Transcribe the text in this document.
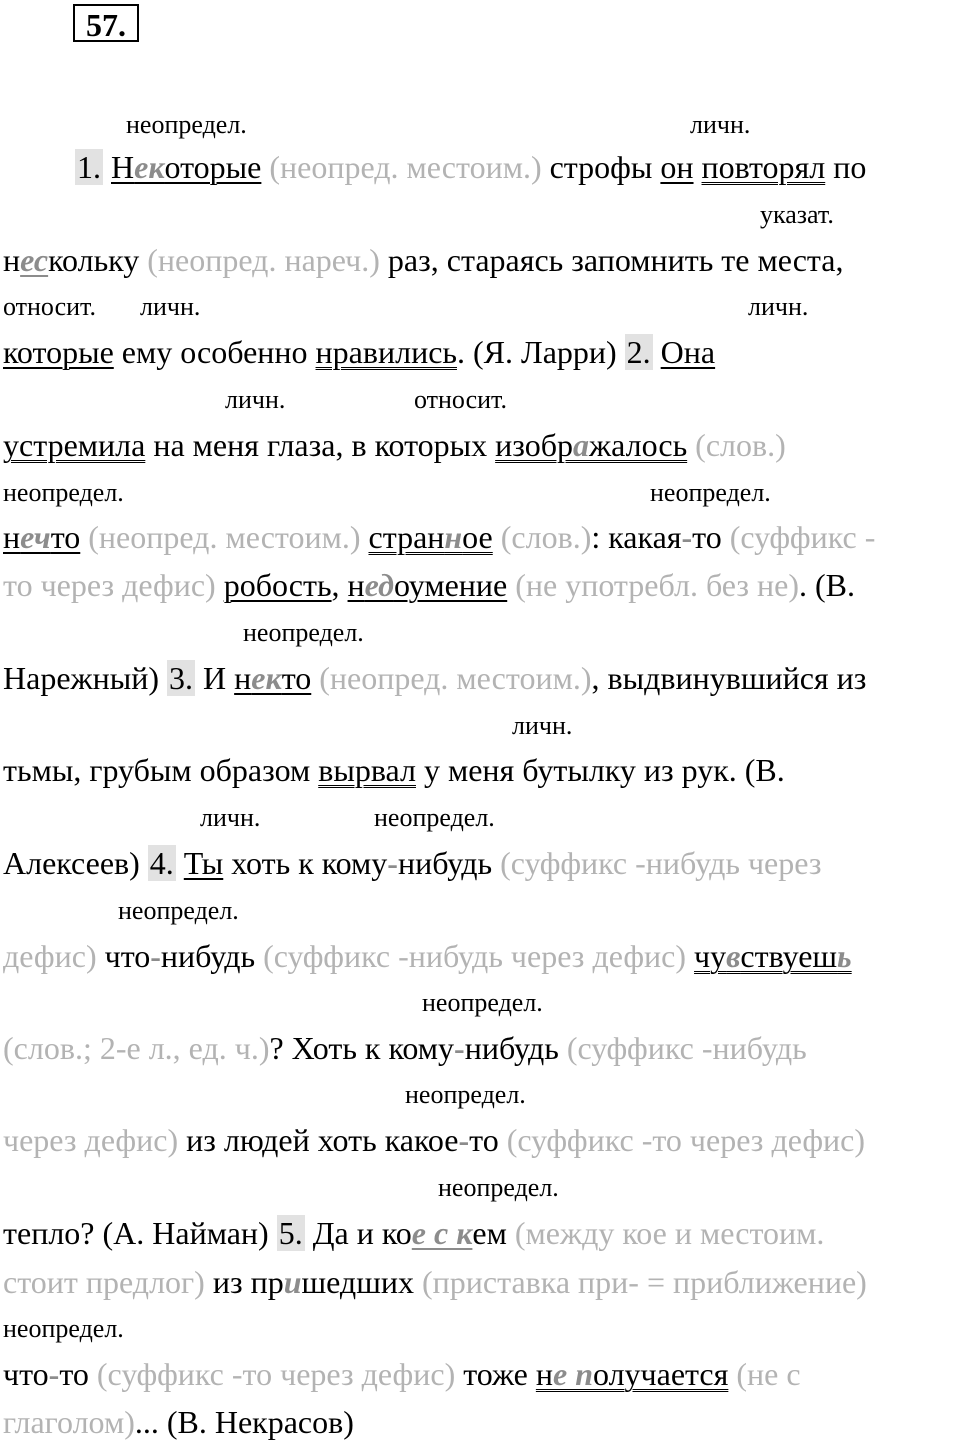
57.
неопредел.	личн.
указат.
относит. личн.	личн.
личн.	относит.
неопредел.	неопредел.
неопредел.
личн.
личн.	неопредел.
неопредел.
неопредел.
неопредел.
неопредел.
неопредел.
1. Некоторые (неопред. местоим.) строфы он повторял по
нескольку (неопред. нареч.) раз, стараясь запомнить те места,
которые ему особенно нравились. (Я. Ларри) 2. Она
устремила на меня глаза, в которых изображалось (слов.)
нечто (неопред. местоим.) странное (слов.): какая-то (суффикс -
то через дефис) робость, недоумение (не употребл. без не). (В.
Нарежный) 3. И некто (неопред. местоим.), выдвинувшийся из
тьмы, грубым образом вырвал у меня бутылку из рук. (В.
Алексеев) 4. Ты хоть к кому-нибудь (суффикс -нибудь через
дефис) что-нибудь (суффикс -нибудь через дефис) чувствуешь
(слов.; 2-е л., ед. ч.)? Хоть к кому-нибудь (суффикс -нибудь
через дефис) из людей хоть какое-то (суффикс -то через дефис)
тепло? (А. Найман) 5. Да и кое с кем (между кое и местоим.
стоит предлог) из пришедших (приставка при- = приближение)
что-то (суффикс -то через дефис) тоже не получается (не с
глаголом)... (В. Некрасов)
